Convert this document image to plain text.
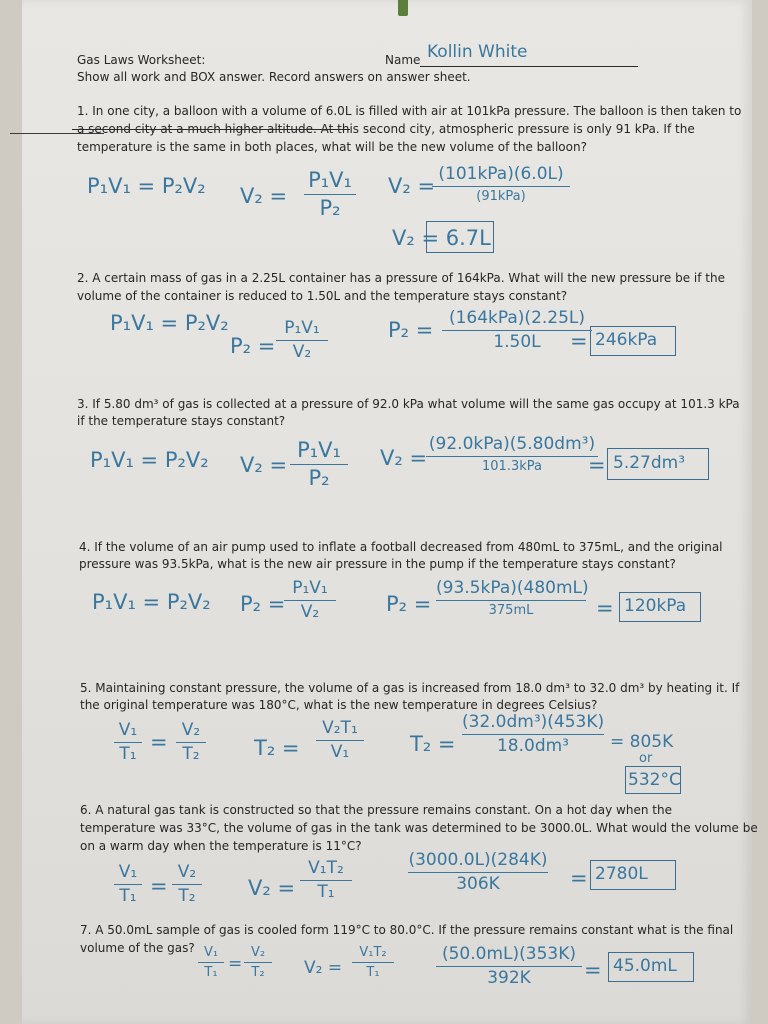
Gas Laws Worksheet:	Name Kollin White
Show all work and BOX answer. Record answers on answer sheet.
1. In one city, a balloon with a volume of 6.0L is filled with air at 101kPa pressure. The balloon is then taken to
a second city at a much higher altitude. At this second city, atmospheric pressure is only 91 kPa. If the
temperature is the same in both places, what will be the new volume of the balloon?
P₁V₁ = P₂V₂ V₂ =
P₁V₁
P₂
V₂ = (101kPa)(6.0L)
(91kPa)
V₂ = 6.7L
2. A certain mass of gas in a 2.25L container has a pressure of 164kPa. What will the new pressure be if the
volume of the container is reduced to 1.50L and the temperature stays constant?
P₁V₁ = P₂V₂
P₂ =
P₁V₁
V₂
P₂ = (164kPa)(2.25L)
1.50L	= 246kPa
3. If 5.80 dm³ of gas is collected at a pressure of 92.0 kPa what volume will the same gas occupy at 101.3 kPa
if the temperature stays constant?
P₁V₁ = P₂V₂ V₂ =
P₁V₁
P₂
V₂ =
(92.0kPa)(5.80dm³)
101.3kPa	= 5.27dm³
4. If the volume of an air pump used to inflate a football decreased from 480mL to 375mL, and the original
pressure was 93.5kPa, what is the new air pressure in the pump if the temperature stays constant?
P₁V₁ = P₂V₂ P₂ =
P₁V₁
V₂	P₂ =
(93.5kPa)(480mL)
375mL	= 120kPa
5. Maintaining constant pressure, the volume of a gas is increased from 18.0 dm³ to 32.0 dm³ by heating it. If
the original temperature was 180°C, what is the new temperature in degrees Celsius?
V₁
T₁ = V₂
T₂	T₂ =
V₂T₁
V₁	T₂ =
(32.0dm³)(453K)
18.0dm³	= 805K
or
532°C
6. A natural gas tank is constructed so that the pressure remains constant. On a hot day when the
temperature was 33°C, the volume of gas in the tank was determined to be 3000.0L. What would the volume be
on a warm day when the temperature is 11°C?
V₁
T₁ =
V₂
T₂	V₂ =
V₁T₂
T₁
(3000.0L)(284K)
306K	= 2780L
7. A 50.0mL sample of gas is cooled form 119°C to 80.0°C. If the pressure remains constant what is the final
volume of the gas? V₁
T₁ =
V₂
T₂	V₂ =
V₁T₂
T₁
(50.0mL)(353K)
392K	= 45.0mL
